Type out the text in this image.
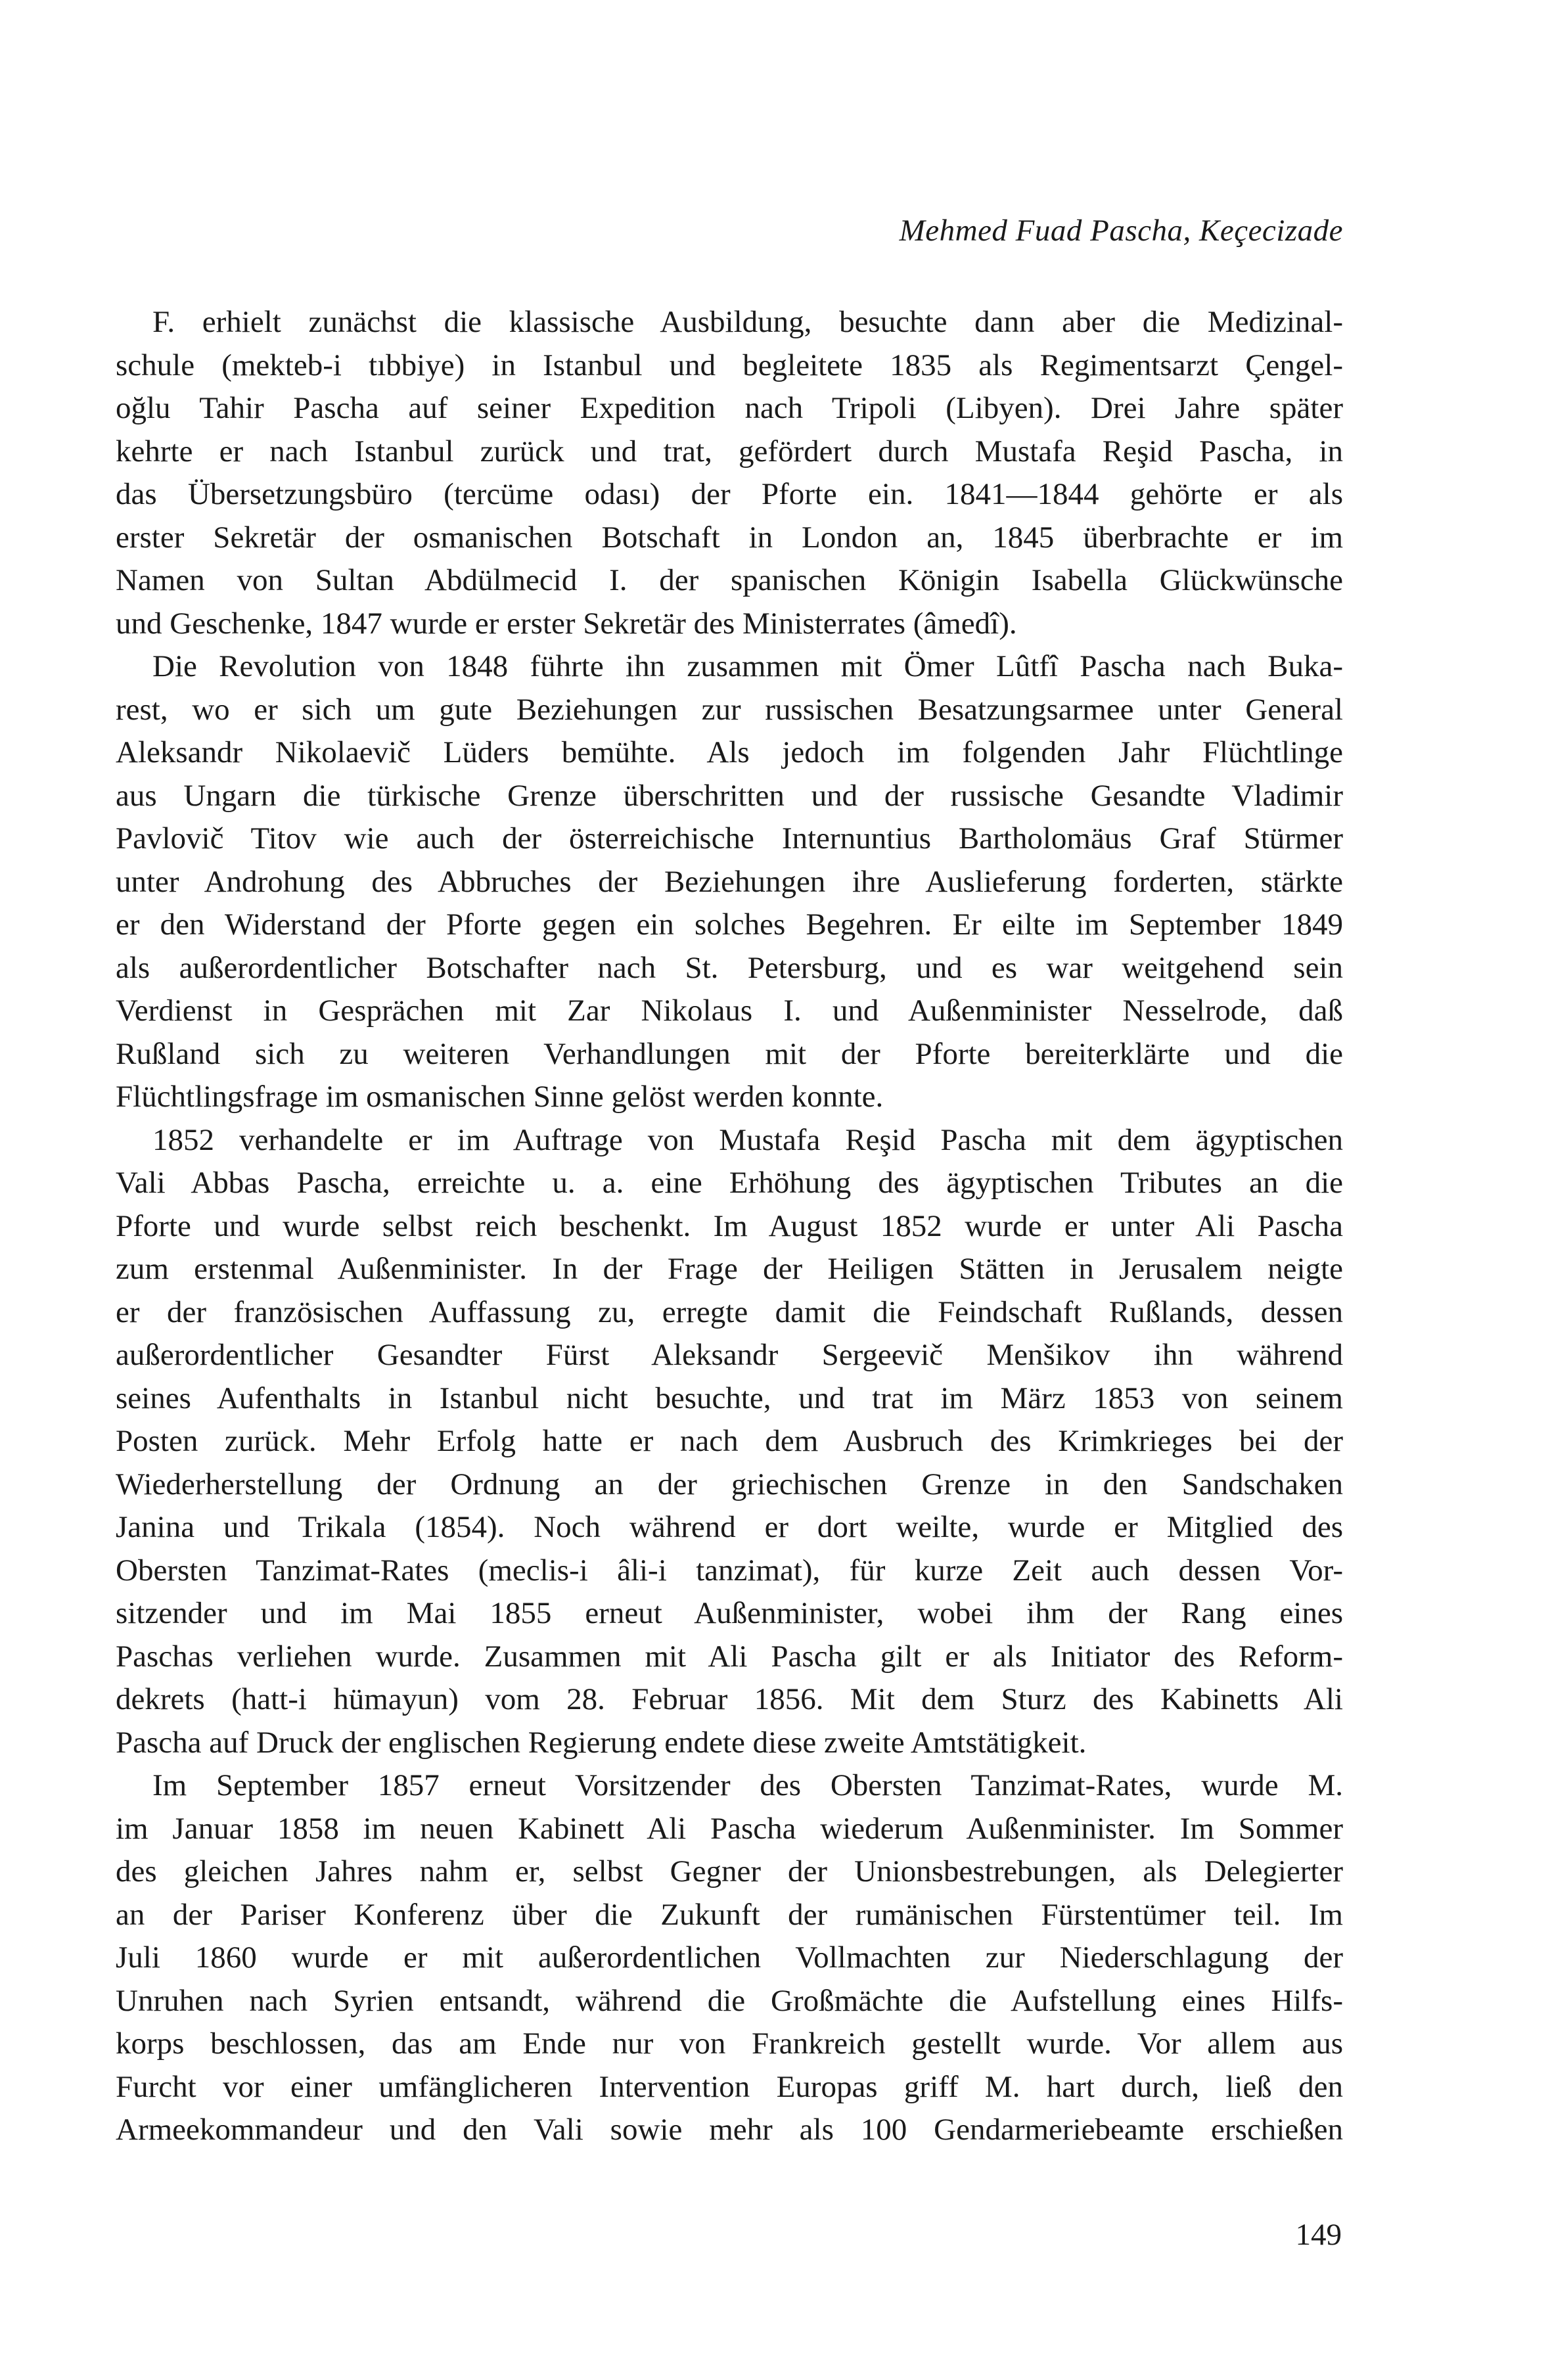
Mehmed Fuad Pascha, Keçecizade

F. erhielt zunächst die klassische Ausbildung, besuchte dann aber die Medizinal-
schule (mekteb-i tıbbiye) in Istanbul und begleitete 1835 als Regimentsarzt Çengel-
oğlu Tahir Pascha auf seiner Expedition nach Tripoli (Libyen). Drei Jahre später
kehrte er nach Istanbul zurück und trat, gefördert durch Mustafa Reşid Pascha, in
das Übersetzungsbüro (tercüme odası) der Pforte ein. 1841—1844 gehörte er als
erster Sekretär der osmanischen Botschaft in London an, 1845 überbrachte er im
Namen von Sultan Abdülmecid I. der spanischen Königin Isabella Glückwünsche
und Geschenke, 1847 wurde er erster Sekretär des Ministerrates (âmedî).

Die Revolution von 1848 führte ihn zusammen mit Ömer Lûtfî Pascha nach Buka-
rest, wo er sich um gute Beziehungen zur russischen Besatzungsarmee unter General
Aleksandr Nikolaevič Lüders bemühte. Als jedoch im folgenden Jahr Flüchtlinge
aus Ungarn die türkische Grenze überschritten und der russische Gesandte Vladimir
Pavlovič Titov wie auch der österreichische Internuntius Bartholomäus Graf Stürmer
unter Androhung des Abbruches der Beziehungen ihre Auslieferung forderten, stärkte
er den Widerstand der Pforte gegen ein solches Begehren. Er eilte im September 1849
als außerordentlicher Botschafter nach St. Petersburg, und es war weitgehend sein
Verdienst in Gesprächen mit Zar Nikolaus I. und Außenminister Nesselrode, daß
Rußland sich zu weiteren Verhandlungen mit der Pforte bereiterklärte und die
Flüchtlingsfrage im osmanischen Sinne gelöst werden konnte.

1852 verhandelte er im Auftrage von Mustafa Reşid Pascha mit dem ägyptischen
Vali Abbas Pascha, erreichte u. a. eine Erhöhung des ägyptischen Tributes an die
Pforte und wurde selbst reich beschenkt. Im August 1852 wurde er unter Ali Pascha
zum erstenmal Außenminister. In der Frage der Heiligen Stätten in Jerusalem neigte
er der französischen Auffassung zu, erregte damit die Feindschaft Rußlands, dessen
außerordentlicher Gesandter Fürst Aleksandr Sergeevič Menšikov ihn während
seines Aufenthalts in Istanbul nicht besuchte, und trat im März 1853 von seinem
Posten zurück. Mehr Erfolg hatte er nach dem Ausbruch des Krimkrieges bei der
Wiederherstellung der Ordnung an der griechischen Grenze in den Sandschaken
Janina und Trikala (1854). Noch während er dort weilte, wurde er Mitglied des
Obersten Tanzimat-Rates (meclis-i âli-i tanzimat), für kurze Zeit auch dessen Vor-
sitzender und im Mai 1855 erneut Außenminister, wobei ihm der Rang eines
Paschas verliehen wurde. Zusammen mit Ali Pascha gilt er als Initiator des Reform-
dekrets (hatt-i hümayun) vom 28. Februar 1856. Mit dem Sturz des Kabinetts Ali
Pascha auf Druck der englischen Regierung endete diese zweite Amtstätigkeit.

Im September 1857 erneut Vorsitzender des Obersten Tanzimat-Rates, wurde M.
im Januar 1858 im neuen Kabinett Ali Pascha wiederum Außenminister. Im Sommer
des gleichen Jahres nahm er, selbst Gegner der Unionsbestrebungen, als Delegierter
an der Pariser Konferenz über die Zukunft der rumänischen Fürstentümer teil. Im
Juli 1860 wurde er mit außerordentlichen Vollmachten zur Niederschlagung der
Unruhen nach Syrien entsandt, während die Großmächte die Aufstellung eines Hilfs-
korps beschlossen, das am Ende nur von Frankreich gestellt wurde. Vor allem aus
Furcht vor einer umfänglicheren Intervention Europas griff M. hart durch, ließ den
Armeekommandeur und den Vali sowie mehr als 100 Gendarmeriebeamte erschießen

149
